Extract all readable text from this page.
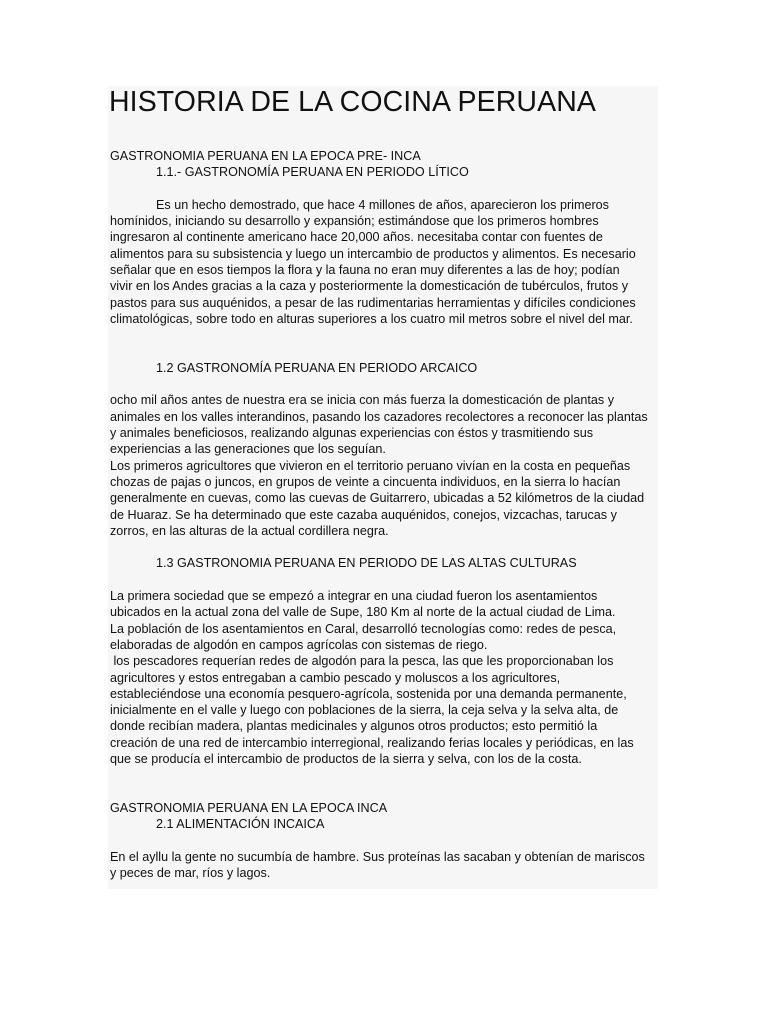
HISTORIA DE LA COCINA PERUANA
GASTRONOMIA PERUANA EN LA EPOCA PRE- INCA
1.1.- GASTRONOMÍA PERUANA EN PERIODO LÍTICO
Es un hecho demostrado, que hace 4 millones de años, aparecieron los primeros
homínidos, iniciando su desarrollo y expansión; estimándose que los primeros hombres
ingresaron al continente americano hace 20,000 años. necesitaba contar con fuentes de
alimentos para su subsistencia y luego un intercambio de productos y alimentos. Es necesario
señalar que en esos tiempos la flora y la fauna no eran muy diferentes a las de hoy; podían
vivir en los Andes gracias a la caza y posteriormente la domesticación de tubérculos, frutos y
pastos para sus auquénidos, a pesar de las rudimentarias herramientas y difíciles condiciones
climatológicas, sobre todo en alturas superiores a los cuatro mil metros sobre el nivel del mar.
1.2 GASTRONOMÍA PERUANA EN PERIODO ARCAICO
ocho mil años antes de nuestra era se inicia con más fuerza la domesticación de plantas y
animales en los valles interandinos, pasando los cazadores recolectores a reconocer las plantas
y animales beneficiosos, realizando algunas experiencias con éstos y trasmitiendo sus
experiencias a las generaciones que los seguían.
Los primeros agricultores que vivieron en el territorio peruano vivían en la costa en pequeñas
chozas de pajas o juncos, en grupos de veinte a cincuenta individuos, en la sierra lo hacían
generalmente en cuevas, como las cuevas de Guitarrero, ubicadas a 52 kilómetros de la ciudad
de Huaraz. Se ha determinado que este cazaba auquénidos, conejos, vizcachas, tarucas y
zorros, en las alturas de la actual cordillera negra.
1.3 GASTRONOMIA PERUANA EN PERIODO DE LAS ALTAS CULTURAS
La primera sociedad que se empezó a integrar en una ciudad fueron los asentamientos
ubicados en la actual zona del valle de Supe, 180 Km al norte de la actual ciudad de Lima.
La población de los asentamientos en Caral, desarrolló tecnologías como: redes de pesca,
elaboradas de algodón en campos agrícolas con sistemas de riego.
los pescadores requerían redes de algodón para la pesca, las que les proporcionaban los
agricultores y estos entregaban a cambio pescado y moluscos a los agricultores,
estableciéndose una economía pesquero-agrícola, sostenida por una demanda permanente,
inicialmente en el valle y luego con poblaciones de la sierra, la ceja selva y la selva alta, de
donde recibían madera, plantas medicinales y algunos otros productos; esto permitió la
creación de una red de intercambio interregional, realizando ferias locales y periódicas, en las
que se producía el intercambio de productos de la sierra y selva, con los de la costa.
GASTRONOMIA PERUANA EN LA EPOCA INCA
2.1 ALIMENTACIÓN INCAICA
En el ayllu la gente no sucumbía de hambre. Sus proteínas las sacaban y obtenían de mariscos
y peces de mar, ríos y lagos.
